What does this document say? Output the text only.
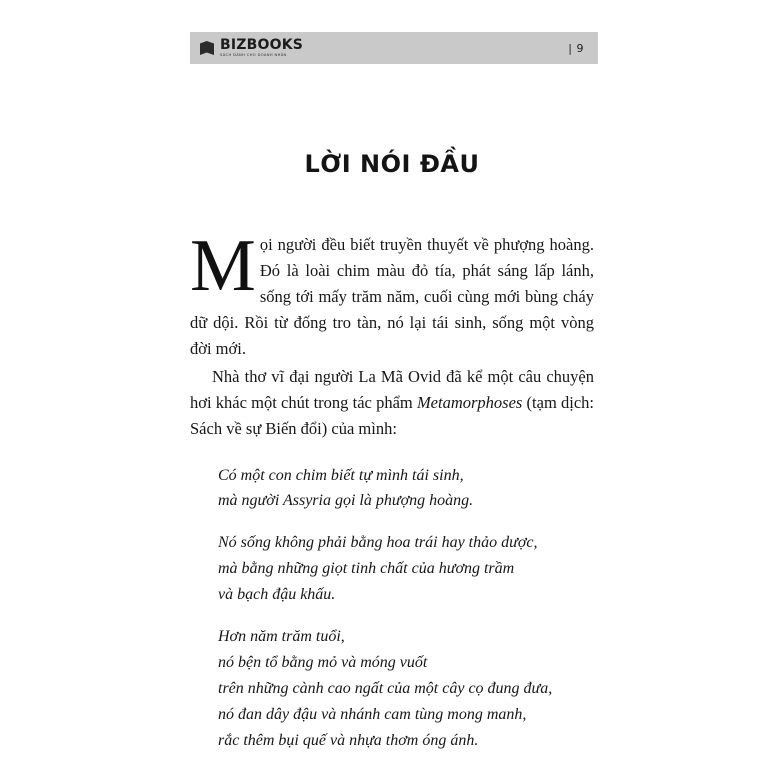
BIZBOOKS
SÁCH DÀNH CHO DOANH NHÂN
| 9
LỜI NÓI ĐẦU

Mọi người đều biết truyền thuyết về phượng hoàng. Đó là loài chim màu đỏ tía, phát sáng lấp lánh, sống tới mấy trăm năm, cuối cùng mới bùng cháy dữ dội. Rồi từ đống tro tàn, nó lại tái sinh, sống một vòng đời mới.

Nhà thơ vĩ đại người La Mã Ovid đã kể một câu chuyện hơi khác một chút trong tác phẩm Metamorphoses (tạm dịch: Sách về sự Biến đổi) của mình:

Có một con chim biết tự mình tái sinh,
mà người Assyria gọi là phượng hoàng.
Nó sống không phải bằng hoa trái hay thảo dược,
mà bằng những giọt tinh chất của hương trầm
và bạch đậu khấu.
Hơn năm trăm tuổi,
nó bện tổ bằng mỏ và móng vuốt
trên những cành cao ngất của một cây cọ đung đưa,
nó đan dây đậu và nhánh cam tùng mong manh,
rắc thêm bụi quế và nhựa thơm óng ánh.
